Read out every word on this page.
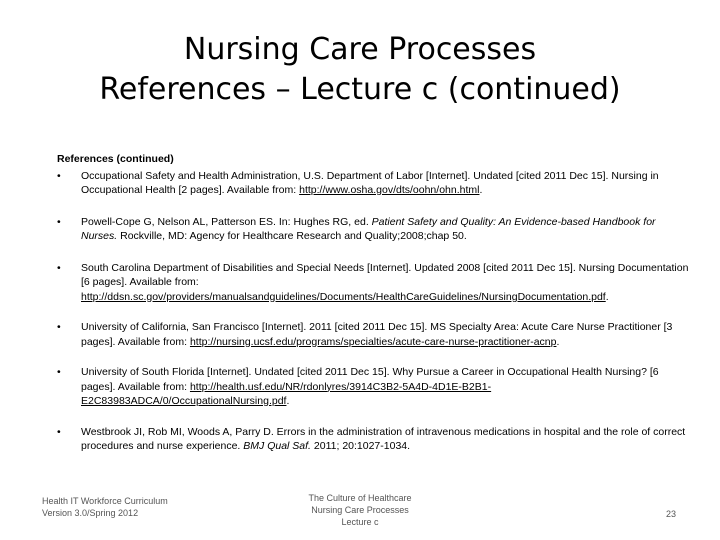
Nursing Care Processes
References – Lecture c (continued)
References (continued)
• Occupational Safety and Health Administration, U.S. Department of Labor [Internet]. Undated [cited 2011 Dec 15]. Nursing in Occupational Health [2 pages]. Available from: http://www.osha.gov/dts/oohn/ohn.html.
• Powell-Cope G, Nelson AL, Patterson ES. In: Hughes RG, ed. Patient Safety and Quality: An Evidence-based Handbook for Nurses. Rockville, MD: Agency for Healthcare Research and Quality;2008;chap 50.
• South Carolina Department of Disabilities and Special Needs [Internet]. Updated 2008 [cited 2011 Dec 15]. Nursing Documentation [6 pages]. Available from: http://ddsn.sc.gov/providers/manualsandguidelines/Documents/HealthCareGuidelines/NursingDocumentation.pdf.
• University of California, San Francisco [Internet]. 2011 [cited 2011 Dec 15]. MS Specialty Area: Acute Care Nurse Practitioner [3 pages]. Available from: http://nursing.ucsf.edu/programs/specialties/acute-care-nurse-practitioner-acnp.
• University of South Florida [Internet]. Undated [cited 2011 Dec 15]. Why Pursue a Career in Occupational Health Nursing? [6 pages]. Available from: http://health.usf.edu/NR/rdonlyres/3914C3B2-5A4D-4D1E-B2B1-E2C83983ADCA/0/OccupationalNursing.pdf.
• Westbrook JI, Rob MI, Woods A, Parry D. Errors in the administration of intravenous medications in hospital and the role of correct procedures and nurse experience. BMJ Qual Saf. 2011; 20:1027-1034.
Health IT Workforce Curriculum
Version 3.0/Spring 2012
The Culture of Healthcare
Nursing Care Processes
Lecture c
23
